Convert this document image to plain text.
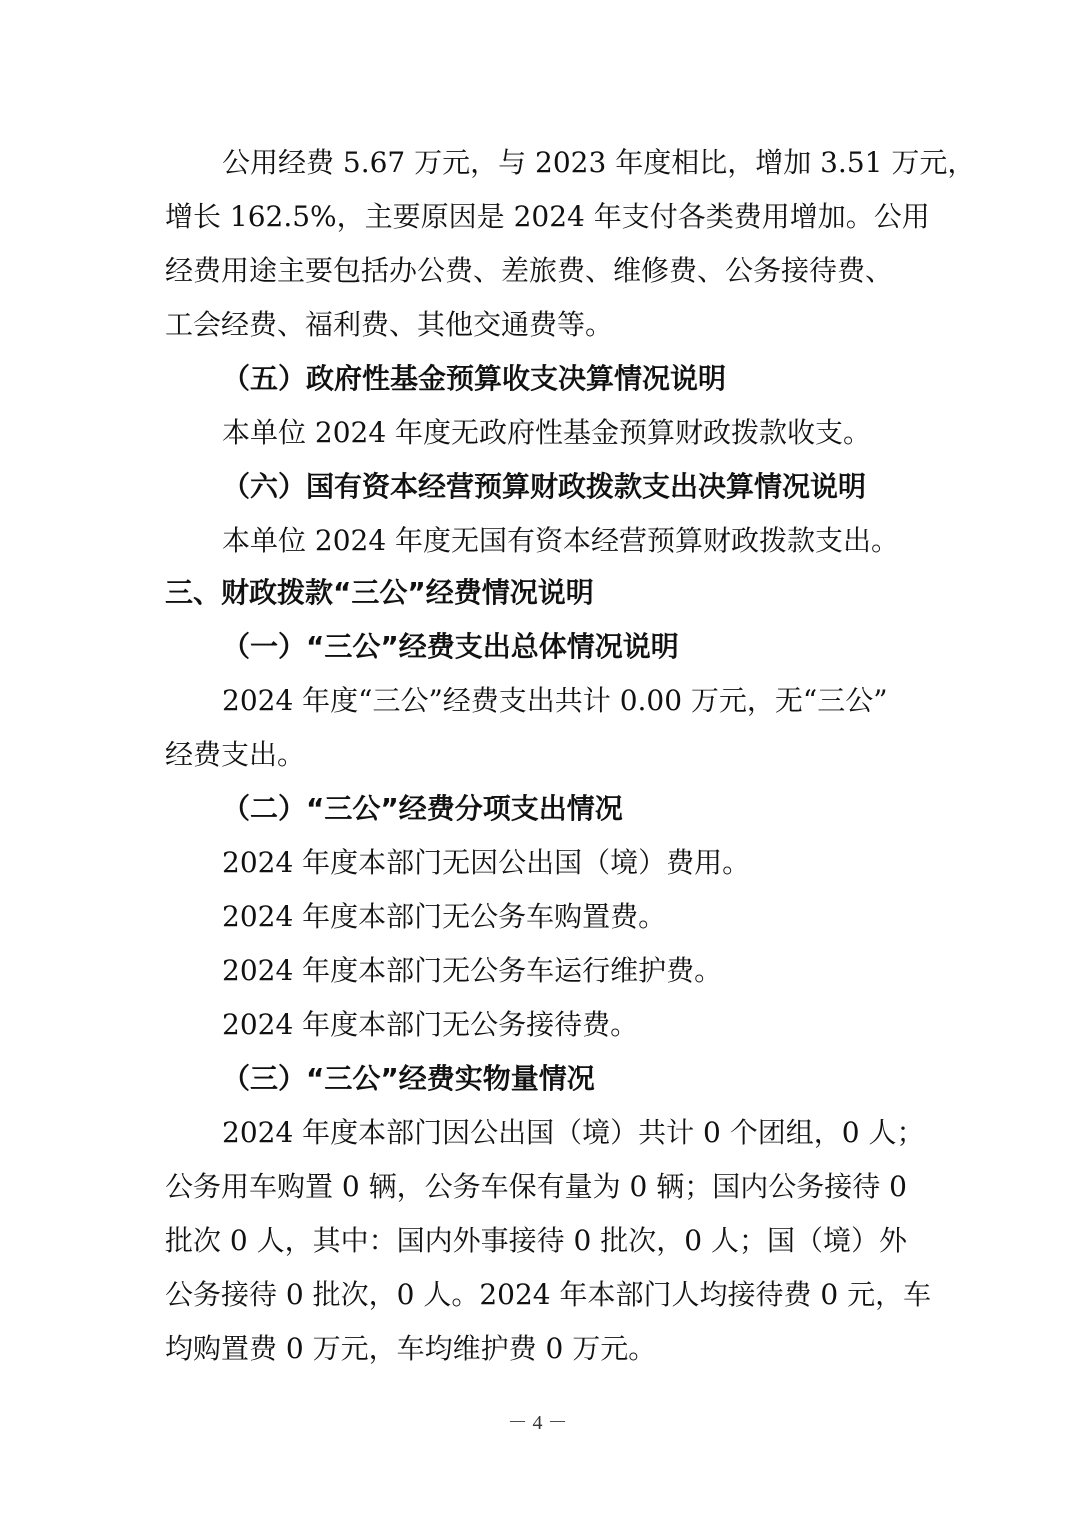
公用经费 5.67 万元，与 2023 年度相比，增加 3.51 万元，
增长 162.5%，主要原因是 2024 年支付各类费用增加。公用
经费用途主要包括办公费、差旅费、维修费、公务接待费、
工会经费、福利费、其他交通费等。
（五）政府性基金预算收支决算情况说明
本单位 2024 年度无政府性基金预算财政拨款收支。
（六）国有资本经营预算财政拨款支出决算情况说明
本单位 2024 年度无国有资本经营预算财政拨款支出。
三、财政拨款“三公”经费情况说明
（一）“三公”经费支出总体情况说明
2024 年度“三公”经费支出共计 0.00 万元，无“三公”
经费支出。
（二）“三公”经费分项支出情况
2024 年度本部门无因公出国（境）费用。
2024 年度本部门无公务车购置费。
2024 年度本部门无公务车运行维护费。
2024 年度本部门无公务接待费。
（三）“三公”经费实物量情况
2024 年度本部门因公出国（境）共计 0 个团组，0 人；
公务用车购置 0 辆，公务车保有量为 0 辆；国内公务接待 0
批次 0 人，其中：国内外事接待 0 批次，0 人；国（境）外
公务接待 0 批次，0 人。2024 年本部门人均接待费 0 元，车
均购置费 0 万元，车均维护费 0 万元。
－ 4 －
